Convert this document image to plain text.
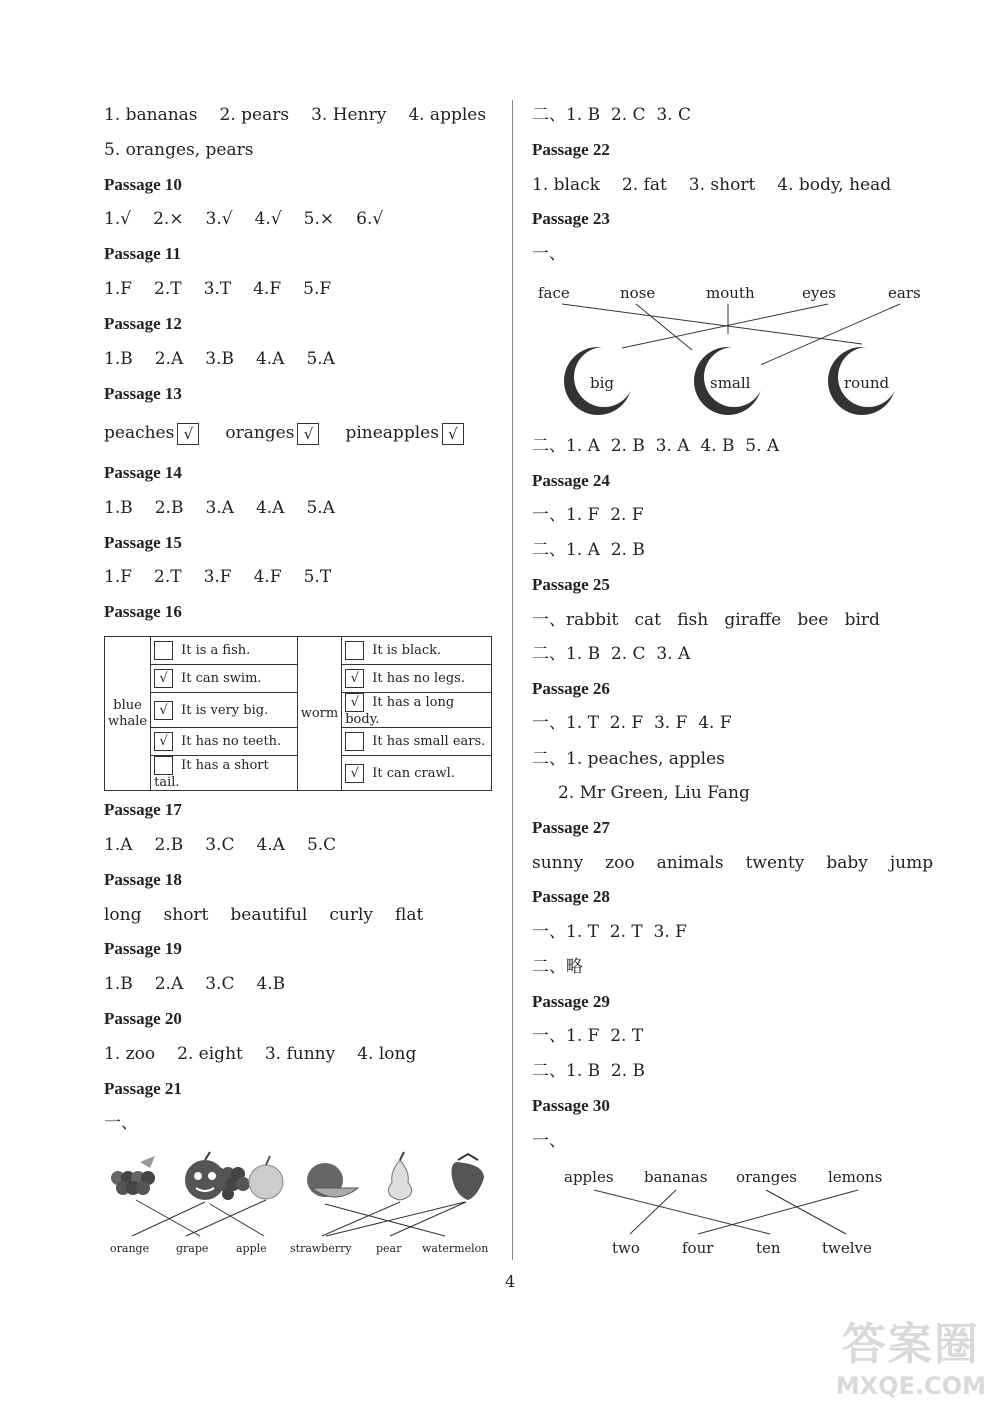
1. bananas 2. pears 3. Henry 4. apples
5. oranges, pears
Passage 10
1.√ 2.× 3.√ 4.√ 5.× 6.√
Passage 11
1.F 2.T 3.T 4.F 5.F
Passage 12
1.B 2.A 3.B 4.A 5.A
Passage 13
peaches √ oranges √ pineapples √
Passage 14
1.B 2.B 3.A 4.A 5.A
Passage 15
1.F 2.T 3.F 4.F 5.T
Passage 16
blue whale	It is a fish.	worm	It is black.
	√ It can swim.		√ It has no legs.
	√ It is very big.		√ It has a long body.
	√ It has no teeth.		It has small ears.
	It has a short tail.		√ It can crawl.
Passage 17
1.A 2.B 3.C 4.A 5.C
Passage 18
long short beautiful curly flat
Passage 19
1.B 2.A 3.C 4.B
Passage 20
1. zoo 2. eight 3. funny 4. long
Passage 21
一、
orange grape	apple strawberry pear watermelon
二、1. B  2. C  3. C
Passage 22
1. black 2. fat 3. short 4. body, head
Passage 23
一、
face	nose	mouth	eyes	ears
big	small	round
二、1. A  2. B  3. A  4. B  5. A
Passage 24
一、1. F  2. F
二、1. A  2. B
Passage 25
一、rabbit   cat   fish   giraffe   bee   bird
二、1. B  2. C  3. A
Passage 26
一、1. T  2. F  3. F  4. F
二、1. peaches, apples
2. Mr Green, Liu Fang
Passage 27
sunny zoo animals twenty baby jump
Passage 28
一、1. T  2. T  3. F
二、略
Passage 29
一、1. F  2. T
二、1. B  2. B
Passage 30
一、
apples bananas oranges lemons
two	four	ten	twelve
4
答案圈
MXQE.COM
